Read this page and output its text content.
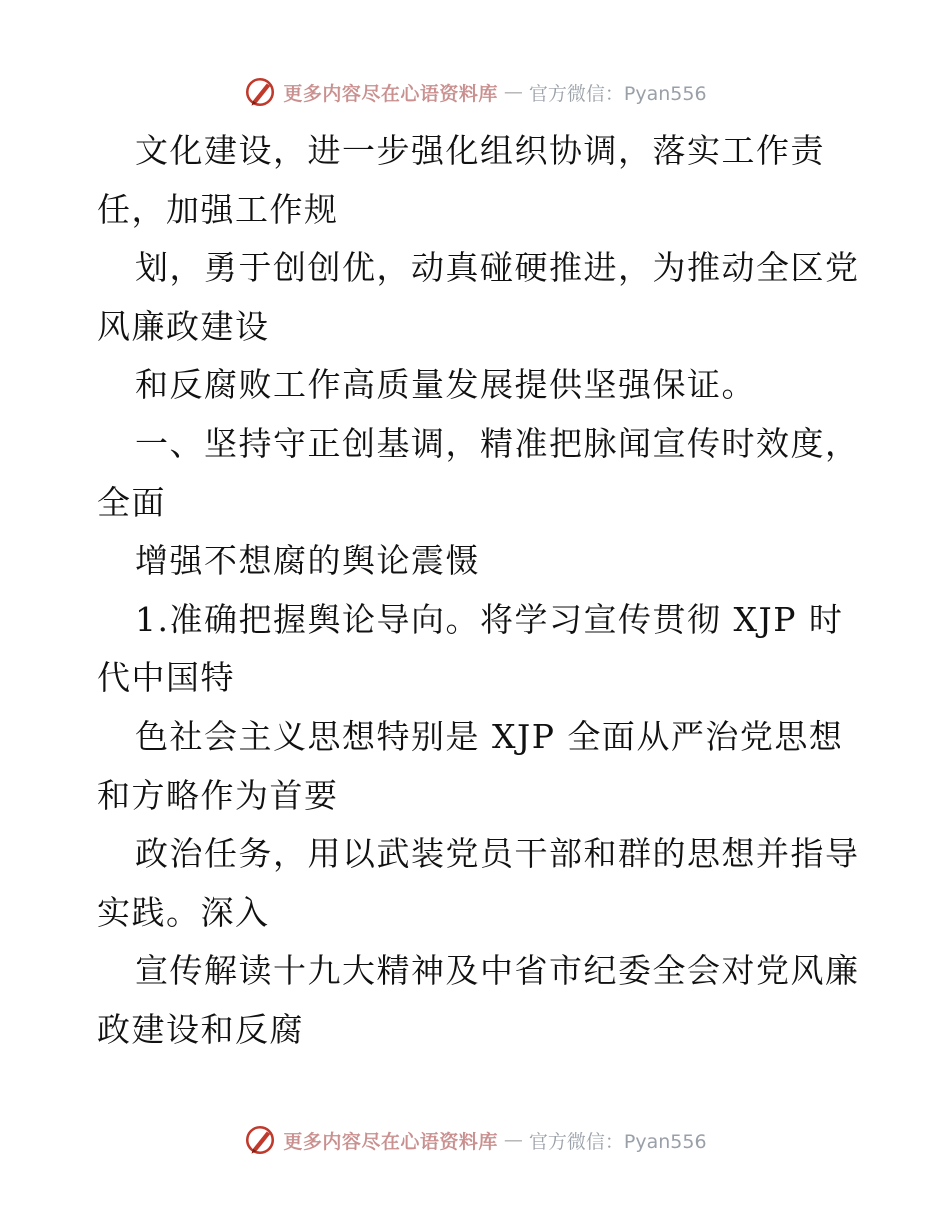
更多内容尽在心语资料库 — 官方微信：Pyan556
文化建设，进一步强化组织协调，落实工作责
任，加强工作规
划，勇于创创优，动真碰硬推进，为推动全区党
风廉政建设
和反腐败工作高质量发展提供坚强保证。
一、坚持守正创基调，精准把脉闻宣传时效度，
全面
增强不想腐的舆论震慑
1.准确把握舆论导向。将学习宣传贯彻 XJP 时
代中国特
色社会主义思想特别是 XJP 全面从严治党思想
和方略作为首要
政治任务，用以武装党员干部和群的思想并指导
实践。深入
宣传解读十九大精神及中省市纪委全会对党风廉
政建设和反腐
更多内容尽在心语资料库 — 官方微信：Pyan556
